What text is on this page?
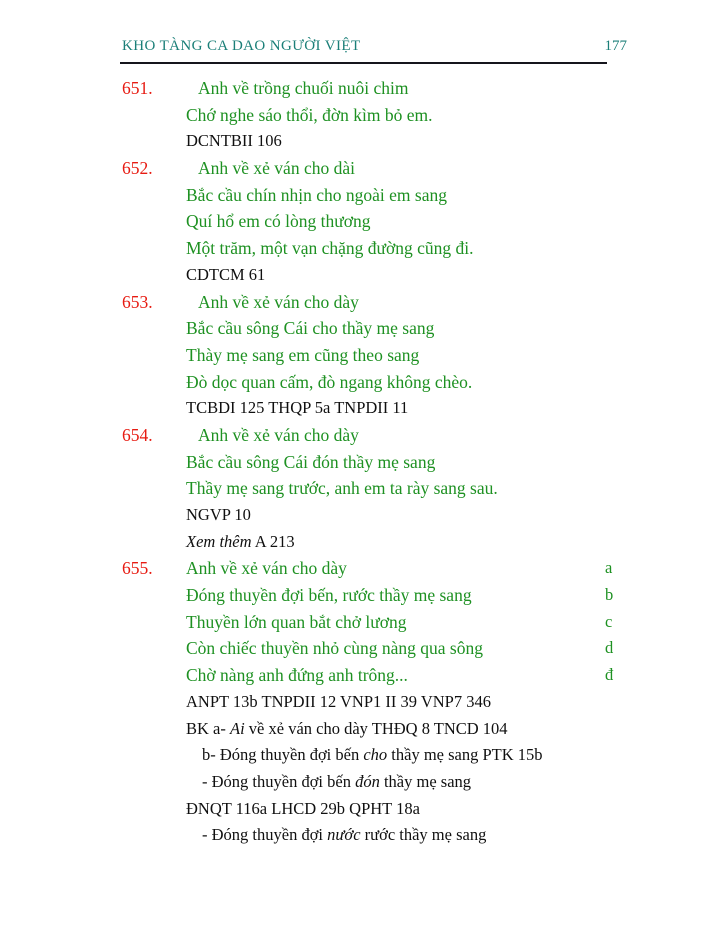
KHO TÀNG CA DAO NGƯỜI VIỆT	177
651.	Anh về trồng chuối nuôi chim
Chớ nghe sáo thổi, đờn kìm bỏ em.
DCNTBII 106
652.	Anh về xẻ ván cho dài
Bắc cầu chín nhịn cho ngoài em sang
Quí hổ em có lòng thương
Một trăm, một vạn chặng đường cũng đi.
CDTCM 61
653.	Anh về xẻ ván cho dày
Bắc cầu sông Cái cho thầy mẹ sang
Thày mẹ sang em cũng theo sang
Đò dọc quan cấm, đò ngang không chèo.
TCBDI 125 THQP 5a TNPDII 11
654.	Anh về xẻ ván cho dày
Bắc cầu sông Cái đón thầy mẹ sang
Thầy mẹ sang trước, anh em ta rày sang sau.
NGVP 10
Xem thêm A 213
655.	Anh về xẻ ván cho dày	a
Đóng thuyền đợi bến, rước thầy mẹ sang	b
Thuyền lớn quan bắt chở lương	c
Còn chiếc thuyền nhỏ cùng nàng qua sông	d
Chờ nàng anh đứng anh trông...	đ
ANPT 13b TNPDII 12 VNP1 II 39 VNP7 346
BK a- Ai về xẻ ván cho dày THĐQ 8 TNCD 104
b- Đóng thuyền đợi bến cho thầy mẹ sang PTK 15b
- Đóng thuyền đợi bến đón thầy mẹ sang
ĐNQT 116a LHCD 29b QPHT 18a
- Đóng thuyền đợi nước rước thầy mẹ sang
